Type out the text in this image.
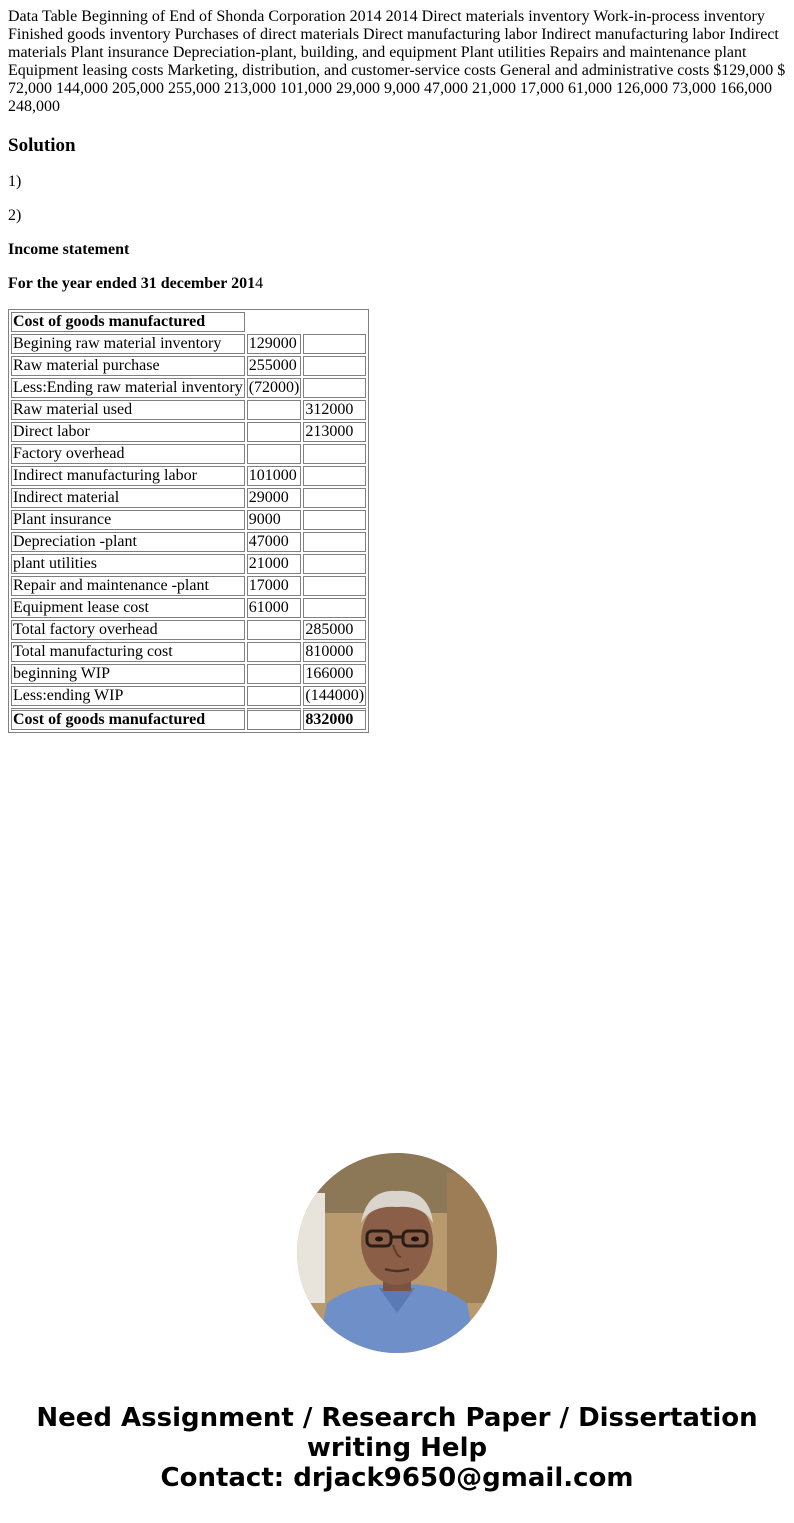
Data Table Beginning of End of Shonda Corporation 2014 2014 Direct materials inventory Work-in-process inventory Finished goods inventory Purchases of direct materials Direct manufacturing labor Indirect manufacturing labor Indirect materials Plant insurance Depreciation-plant, building, and equipment Plant utilities Repairs and maintenance plant Equipment leasing costs Marketing, distribution, and customer-service costs General and administrative costs $129,000 $ 72,000 144,000 205,000 255,000 213,000 101,000 29,000 9,000 47,000 21,000 17,000 61,000 126,000 73,000 166,000 248,000
Solution

1)

2)

Income statement

For the year ended 31 december 2014

Cost of goods manufactured		
Begining raw material inventory	129000	
Raw material purchase	255000	
Less:Ending raw material inventory	(72000)	
Raw material used		312000
Direct labor		213000
Factory overhead		
Indirect manufacturing labor	101000	
Indirect material	29000	
Plant insurance	9000	
Depreciation -plant	47000	
plant utilities	21000	
Repair and maintenance -plant	17000	
Equipment lease cost	61000	
Total factory overhead		285000
Total manufacturing cost		810000
beginning WIP		166000
Less:ending WIP		(144000)
Cost of goods manufactured		832000
Need Assignment / Research Paper / Dissertation
writing Help
Contact: drjack9650@gmail.com
